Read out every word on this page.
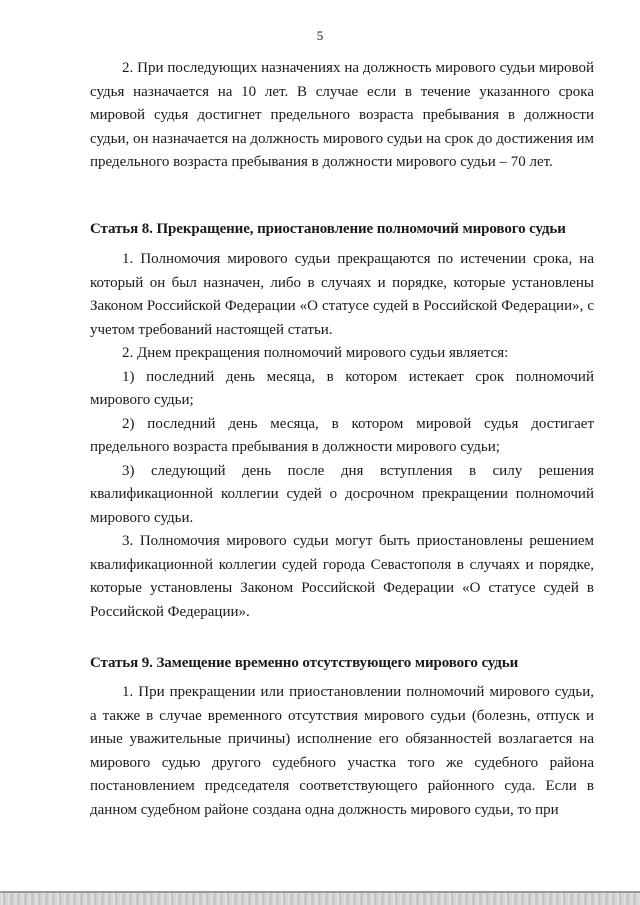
5

2. При последующих назначениях на должность мирового судьи мировой судья назначается на 10 лет. В случае если в течение указанного срока мировой судья достигнет предельного возраста пребывания в должности судьи, он назначается на должность мирового судьи на срок до достижения им предельного возраста пребывания в должности мирового судьи – 70 лет.

Статья 8. Прекращение, приостановление полномочий мирового судьи

1. Полномочия мирового судьи прекращаются по истечении срока, на который он был назначен, либо в случаях и порядке, которые установлены Законом Российской Федерации «О статусе судей в Российской Федерации», с учетом требований настоящей статьи.

2. Днем прекращения полномочий мирового судьи является:

1) последний день месяца, в котором истекает срок полномочий мирового судьи;

2) последний день месяца, в котором мировой судья достигает предельного возраста пребывания в должности мирового судьи;

3) следующий день после дня вступления в силу решения квалификационной коллегии судей о досрочном прекращении полномочий мирового судьи.

3. Полномочия мирового судьи могут быть приостановлены решением квалификационной коллегии судей города Севастополя в случаях и порядке, которые установлены Законом Российской Федерации «О статусе судей в Российской Федерации».

Статья 9. Замещение временно отсутствующего мирового судьи

1. При прекращении или приостановлении полномочий мирового судьи, а также в случае временного отсутствия мирового судьи (болезнь, отпуск и иные уважительные причины) исполнение его обязанностей возлагается на мирового судью другого судебного участка того же судебного района постановлением председателя соответствующего районного суда. Если в данном судебном районе создана одна должность мирового судьи, то при
